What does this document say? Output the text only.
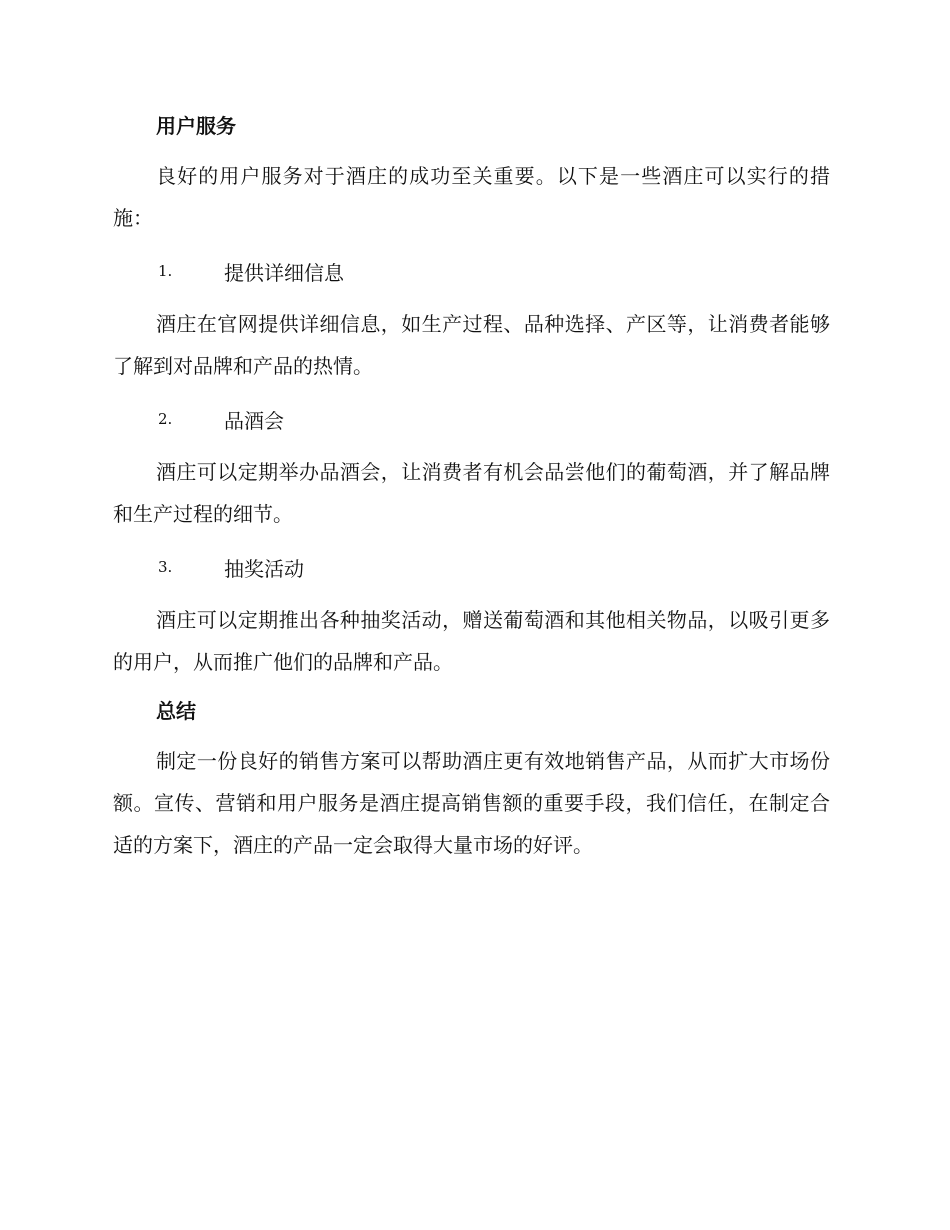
用户服务

良好的用户服务对于酒庄的成功至关重要。以下是一些酒庄可以实行的措施：

1.	提供详细信息

酒庄在官网提供详细信息，如生产过程、品种选择、产区等，让消费者能够了解到对品牌和产品的热情。

2.	品酒会

酒庄可以定期举办品酒会，让消费者有机会品尝他们的葡萄酒，并了解品牌和生产过程的细节。

3.	抽奖活动

酒庄可以定期推出各种抽奖活动，赠送葡萄酒和其他相关物品，以吸引更多的用户，从而推广他们的品牌和产品。

总结

制定一份良好的销售方案可以帮助酒庄更有效地销售产品，从而扩大市场份额。宣传、营销和用户服务是酒庄提高销售额的重要手段，我们信任，在制定合适的方案下，酒庄的产品一定会取得大量市场的好评。
